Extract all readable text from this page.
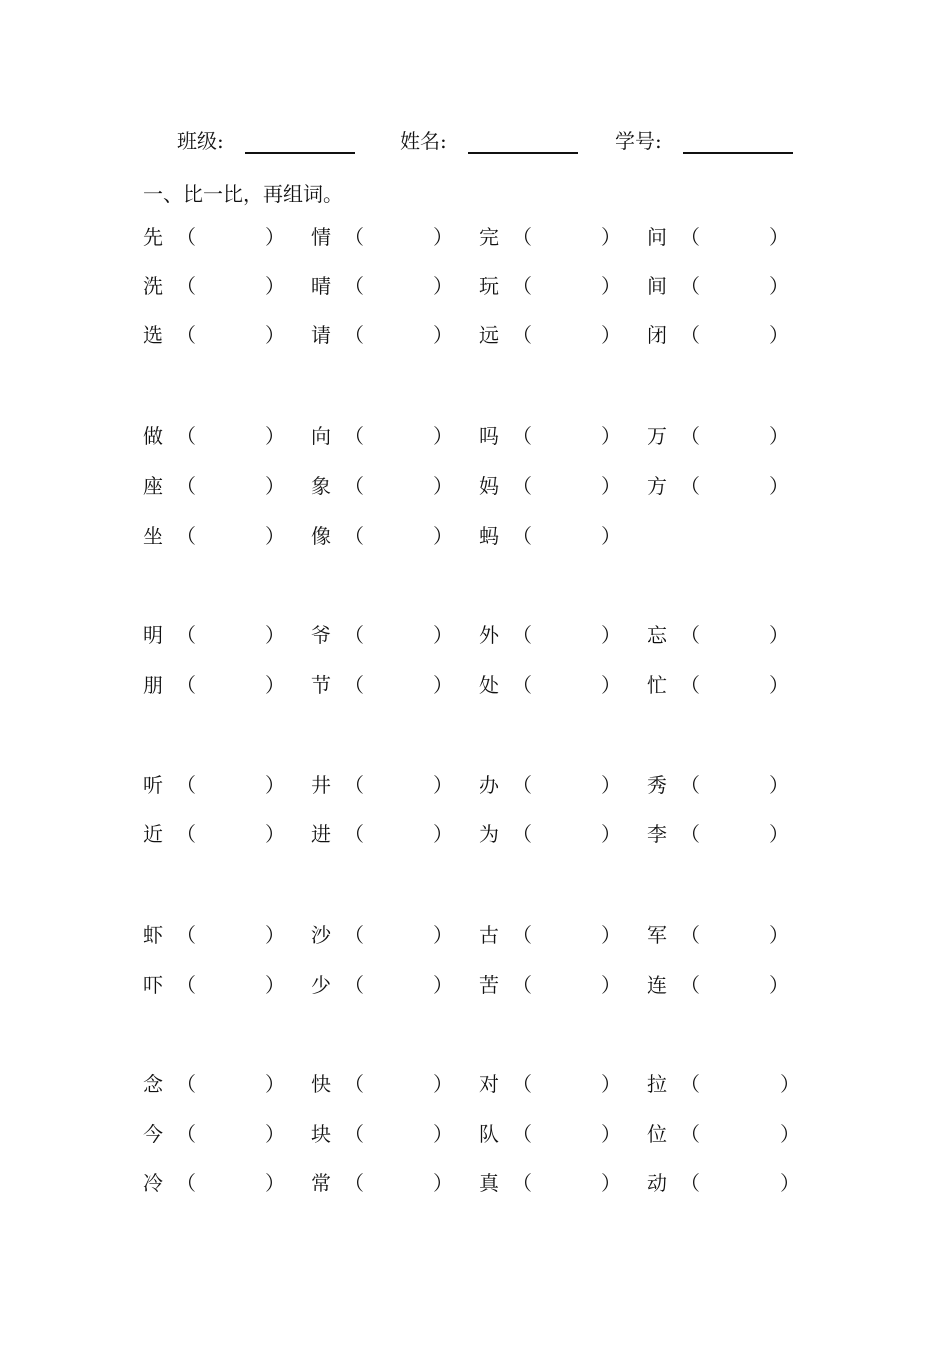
班级:	姓名:	学号:
一、比一比，再组词。
先 （	） 情 （	） 完 （	） 问 （	）
洗 （	） 晴 （	） 玩 （	） 间 （	）
选 （	） 请 （	） 远 （	） 闭 （	）
做 （	） 向 （	） 吗 （	） 万 （	）
座 （	） 象 （	） 妈 （	） 方 （	）
坐 （	） 像 （	） 蚂 （	）
明 （	） 爷 （	） 外 （	） 忘 （	）
朋 （	） 节 （	） 处 （	） 忙 （	）
听 （	） 井 （	） 办 （	） 秀 （	）
近 （	） 进 （	） 为 （	） 李 （	）
虾 （	） 沙 （	） 古 （	） 军 （	）
吓 （	） 少 （	） 苦 （	） 连 （	）
念 （	） 快 （	） 对 （	） 拉 （	）
今 （	） 块 （	） 队 （	） 位 （	）
冷 （	） 常 （	） 真 （	） 动 （	）
